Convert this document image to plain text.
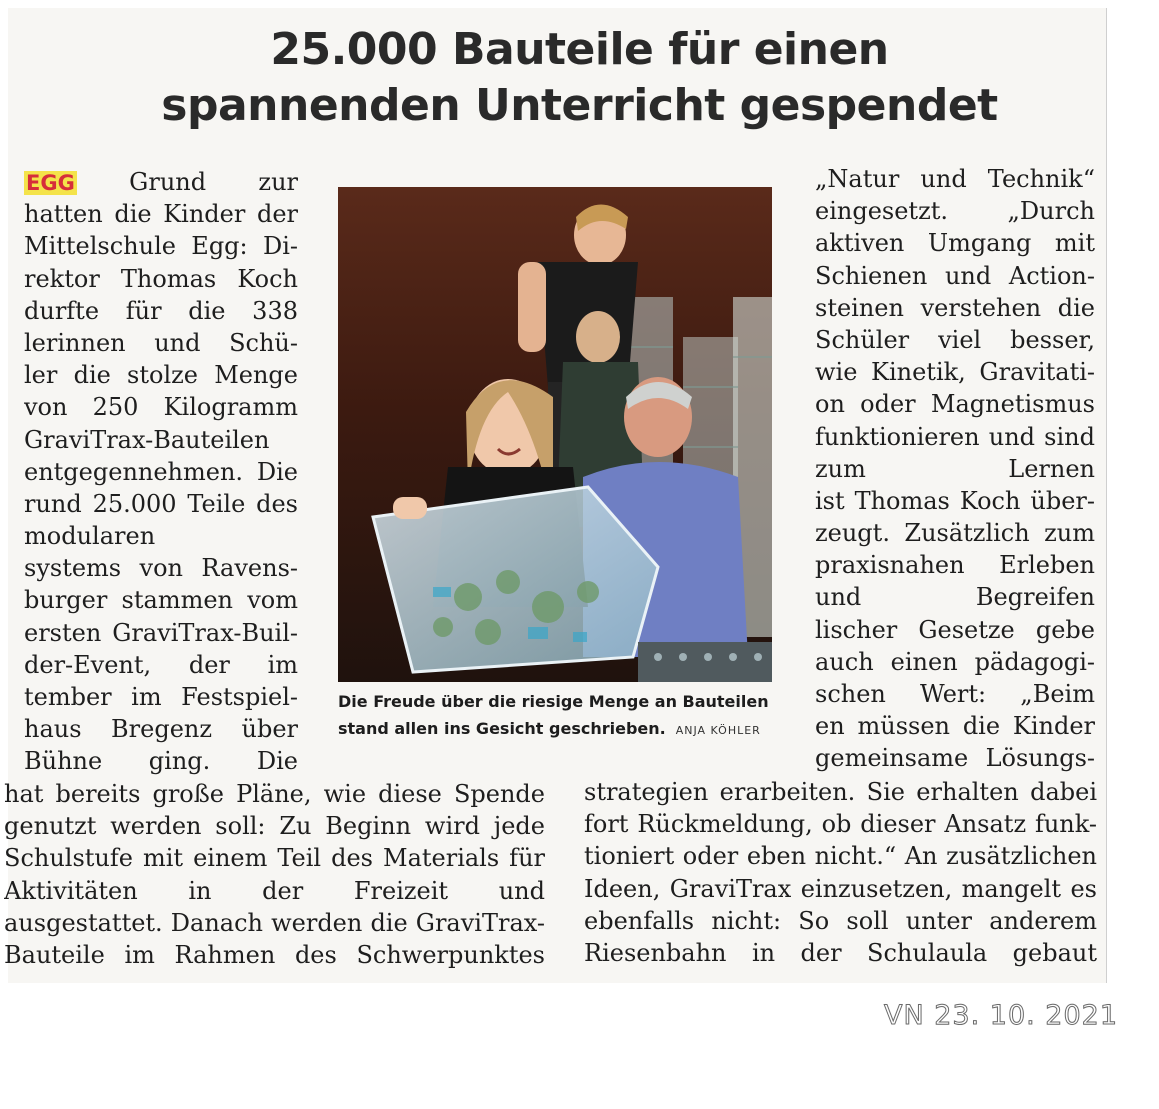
25.000 Bauteile für einen
spannenden Unterricht gespendet
EGG Grund zur
hatten die Kinder der
Mittelschule Egg: Di-
rektor Thomas Koch
durfte für die 338
lerinnen und Schü-
ler die stolze Menge
von 250 Kilogramm
GraviTrax-Bauteilen
entgegennehmen. Die
rund 25.000 Teile des
modularen
systems von Ravens-
burger stammen vom
ersten GraviTrax-Buil-
der-Event, der im
tember im Festspiel-
haus Bregenz über
Bühne ging. Die
hat bereits große Pläne, wie diese Spende
genutzt werden soll: Zu Beginn wird jede
Schulstufe mit einem Teil des Materials für
Aktivitäten in der Freizeit und
ausgestattet. Danach werden die GraviTrax-
Bauteile im Rahmen des Schwerpunktes
„Natur und Technik“
eingesetzt. „Durch
aktiven Umgang mit
Schienen und Action-
steinen verstehen die
Schüler viel besser,
wie Kinetik, Gravitati-
on oder Magnetismus
funktionieren und sind
zum Lernen
ist Thomas Koch über-
zeugt. Zusätzlich zum
praxisnahen Erleben
und Begreifen
lischer Gesetze gebe
auch einen pädagogi-
schen Wert: „Beim
en müssen die Kinder
gemeinsame Lösungs-
strategien erarbeiten. Sie erhalten dabei
fort Rückmeldung, ob dieser Ansatz funk-
tioniert oder eben nicht.“ An zusätzlichen
Ideen, GraviTrax einzusetzen, mangelt es
ebenfalls nicht: So soll unter anderem
Riesenbahn in der Schulaula gebaut
Die Freude über die riesige Menge an Bauteilen
stand allen ins Gesicht geschrieben. ANJA KÖHLER
VN 23. 10. 2021
